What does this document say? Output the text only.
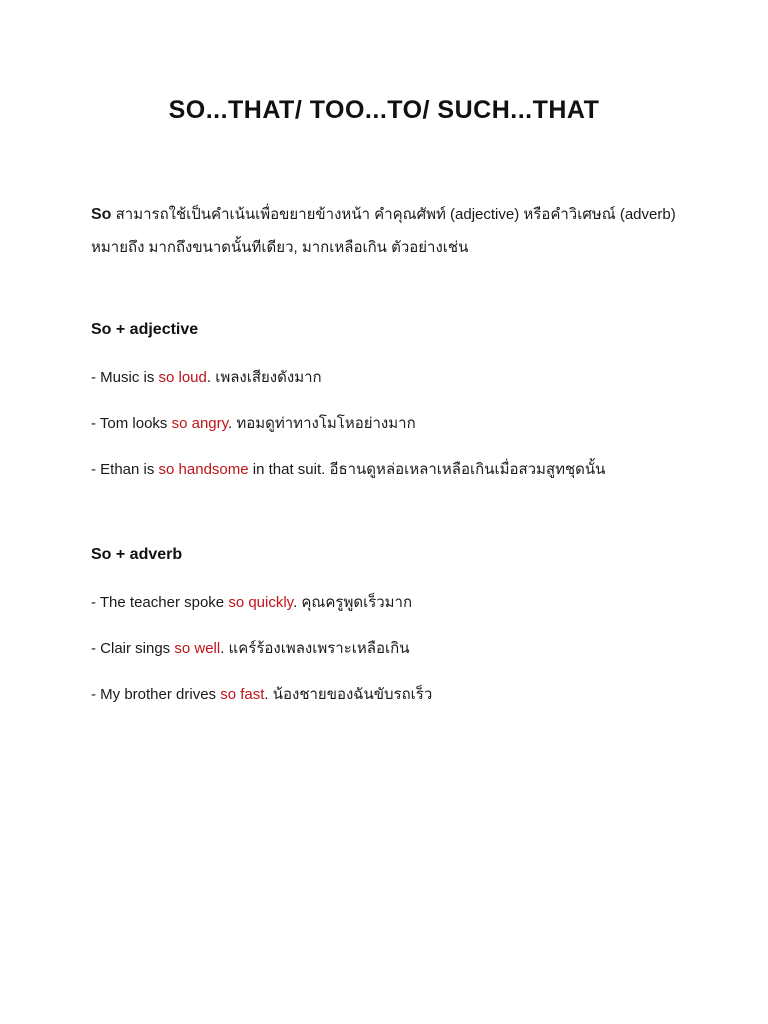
SO...THAT/ TOO...TO/ SUCH...THAT

So สามารถใช้เป็นคำเน้นเพื่อขยายข้างหน้า คำคุณศัพท์ (adjective) หรือคำวิเศษณ์ (adverb)
หมายถึง มากถึงขนาดนั้นทีเดียว, มากเหลือเกิน ตัวอย่างเช่น

So + adjective

- Music is so loud. เพลงเสียงดังมาก

- Tom looks so angry. ทอมดูท่าทางโมโหอย่างมาก

- Ethan is so handsome in that suit. อีธานดูหล่อเหลาเหลือเกินเมื่อสวมสูทชุดนั้น

So + adverb

- The teacher spoke so quickly. คุณครูพูดเร็วมาก

- Clair sings so well. แคร์ร้องเพลงเพราะเหลือเกิน

- My brother drives so fast. น้องชายของฉันขับรถเร็ว
